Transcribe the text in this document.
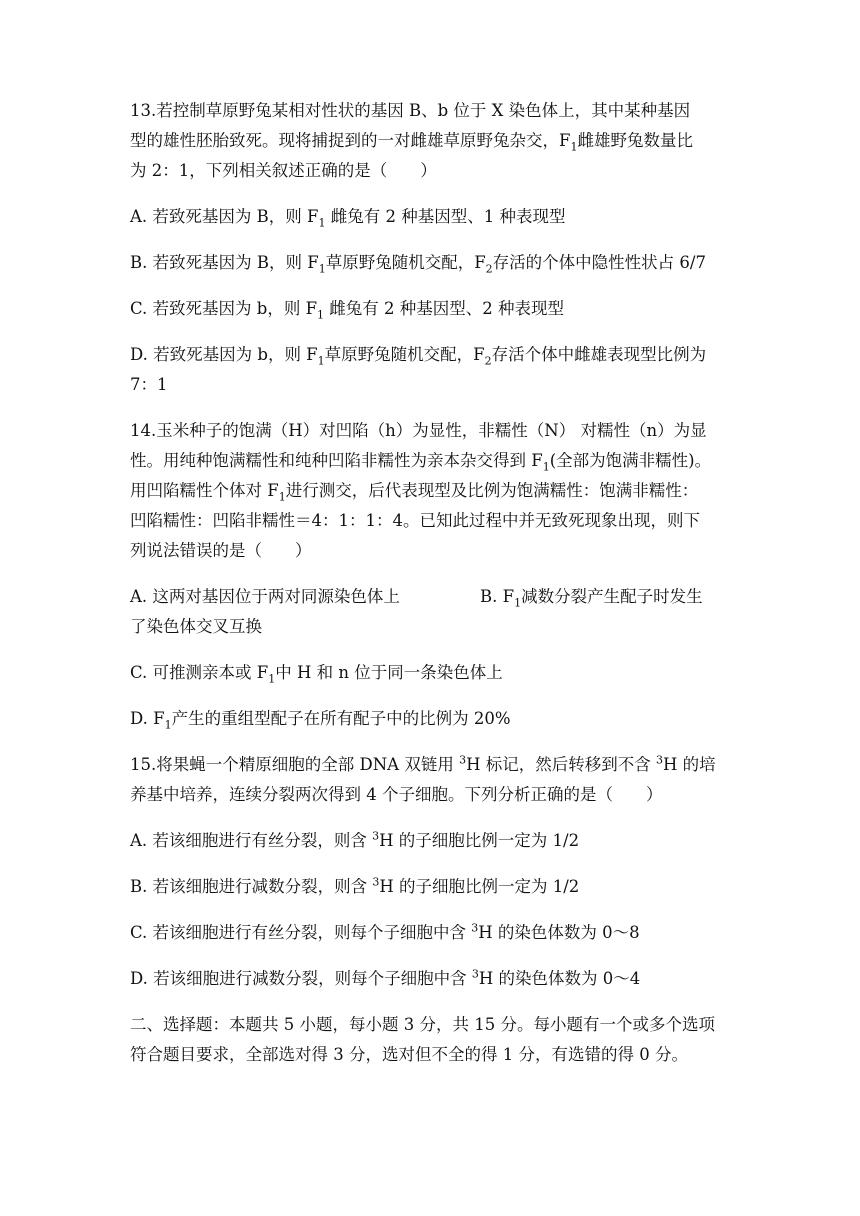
13.若控制草原野兔某相对性状的基因 B、b 位于 X 染色体上，其中某种基因
型的雄性胚胎致死。现将捕捉到的一对雌雄草原野兔杂交，$F_1$雌雄野兔数量比
为 2：1，下列相关叙述正确的是（　　）

A. 若致死基因为 B，则 $F_1$ 雌兔有 2 种基因型、1 种表现型

B. 若致死基因为 B，则 $F_1$草原野兔随机交配，$F_2$存活的个体中隐性性状占 6/7

C. 若致死基因为 b，则 $F_1$ 雌兔有 2 种基因型、2 种表现型

D. 若致死基因为 b，则 $F_1$草原野兔随机交配，$F_2$存活个体中雌雄表现型比例为
7：1

14.玉米种子的饱满（H）对凹陷（h）为显性，非糯性（N） 对糯性（n）为显
性。用纯种饱满糯性和纯种凹陷非糯性为亲本杂交得到 $F_1$(全部为饱满非糯性)。
用凹陷糯性个体对 $F_1$进行测交，后代表现型及比例为饱满糯性：饱满非糯性：
凹陷糯性：凹陷非糯性＝4：1：1：4。已知此过程中并无致死现象出现，则下
列说法错误的是（　　）

A. 这两对基因位于两对同源染色体上	B. $F_1$减数分裂产生配子时发生
了染色体交叉互换

C. 可推测亲本或 $F_1$中 H 和 n 位于同一条染色体上

D. $F_1$产生的重组型配子在所有配子中的比例为 20%

15.将果蝇一个精原细胞的全部 DNA 双链用 $^3$H 标记，然后转移到不含 $^3$H 的培
养基中培养，连续分裂两次得到 4 个子细胞。下列分析正确的是（　　）

A. 若该细胞进行有丝分裂，则含 $^3$H 的子细胞比例一定为 1/2

B. 若该细胞进行减数分裂，则含 $^3$H 的子细胞比例一定为 1/2

C. 若该细胞进行有丝分裂，则每个子细胞中含 $^3$H 的染色体数为 0～8

D. 若该细胞进行减数分裂，则每个子细胞中含 $^3$H 的染色体数为 0～4

二、选择题：本题共 5 小题，每小题 3 分，共 15 分。每小题有一个或多个选项
符合题目要求，全部选对得 3 分，选对但不全的得 1 分，有选错的得 0 分。
